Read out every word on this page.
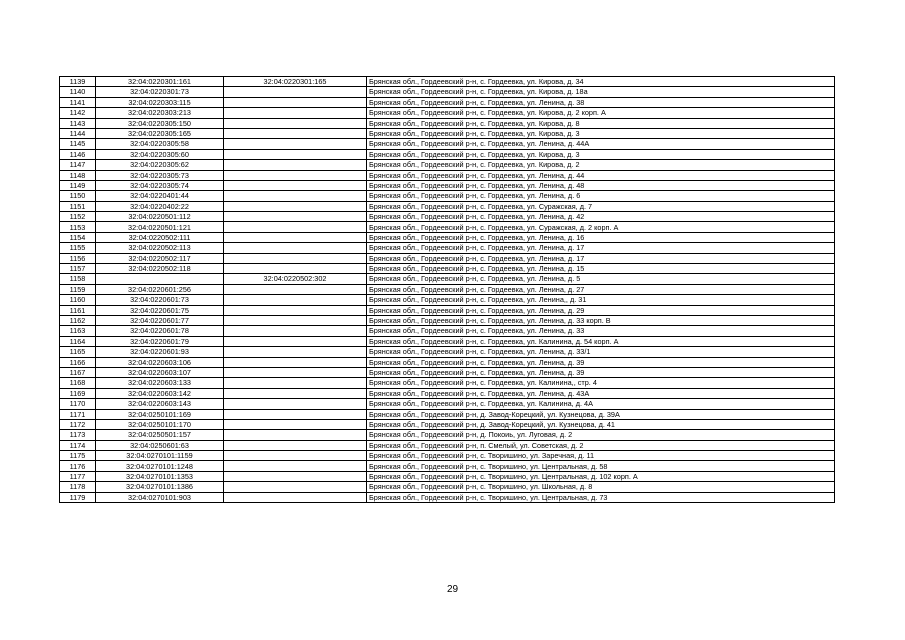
1139	32:04:0220301:161	32:04:0220301:165	Брянская обл., Гордеевский р-н, с. Гордеевка, ул. Кирова, д. 34
1140	32:04:0220301:73		Брянская обл., Гордеевский р-н, с. Гордеевка, ул. Кирова, д. 18а
1141	32:04:0220303:115		Брянская обл., Гордеевский р-н, с. Гордеевка, ул. Ленина, д. 38
1142	32:04:0220303:213		Брянская обл., Гордеевский р-н, с. Гордеевка, ул. Кирова, д. 2 корп. А
1143	32:04:0220305:150		Брянская обл., Гордеевский р-н, с. Гордеевка, ул. Кирова, д. 8
1144	32:04:0220305:165		Брянская обл., Гордеевский р-н, с. Гордеевка, ул. Кирова, д. 3
1145	32:04:0220305:58		Брянская обл., Гордеевский р-н, с. Гордеевка, ул. Ленина, д. 44А
1146	32:04:0220305:60		Брянская обл., Гордеевский р-н, с. Гордеевка, ул. Кирова, д. 3
1147	32:04:0220305:62		Брянская обл., Гордеевский р-н, с. Гордеевка, ул. Кирова, д. 2
1148	32:04:0220305:73		Брянская обл., Гордеевский р-н, с. Гордеевка, ул. Ленина, д. 44
1149	32:04:0220305:74		Брянская обл., Гордеевский р-н, с. Гордеевка, ул. Ленина, д. 48
1150	32:04:0220401:44		Брянская обл., Гордеевский р-н, с. Гордеевка, ул. Ленина, д. 6
1151	32:04:0220402:22		Брянская обл., Гордеевский р-н, с. Гордеевка, ул. Суражская, д. 7
1152	32:04:0220501:112		Брянская обл., Гордеевский р-н, с. Гордеевка, ул. Ленина, д. 42
1153	32:04:0220501:121		Брянская обл., Гордеевский р-н, с. Гордеевка, ул. Суражская, д. 2 корп. А
1154	32:04:0220502:111		Брянская обл., Гордеевский р-н, с. Гордеевка, ул. Ленина, д. 16
1155	32:04:0220502:113		Брянская обл., Гордеевский р-н, с. Гордеевка, ул. Ленина, д. 17
1156	32:04:0220502:117		Брянская обл., Гордеевский р-н, с. Гордеевка, ул. Ленина, д. 17
1157	32:04:0220502:118		Брянская обл., Гордеевский р-н, с. Гордеевка, ул. Ленина, д. 15
1158		32:04:0220502:302	Брянская обл., Гордеевский р-н, с. Гордеевка, ул. Ленина, д. 5
1159	32:04:0220601:256		Брянская обл., Гордеевский р-н, с. Гордеевка, ул. Ленина, д. 27
1160	32:04:0220601:73		Брянская обл., Гордеевский р-н, с. Гордеевка, ул. Ленина,, д. 31
1161	32:04:0220601:75		Брянская обл., Гордеевский р-н, с. Гордеевка, ул. Ленина, д. 29
1162	32:04:0220601:77		Брянская обл., Гордеевский р-н, с. Гордеевка, ул. Ленина, д. 33 корп. В
1163	32:04:0220601:78		Брянская обл., Гордеевский р-н, с. Гордеевка, ул. Ленина, д. 33
1164	32:04:0220601:79		Брянская обл., Гордеевский р-н, с. Гордеевка, ул. Калинина, д. 54 корп. А
1165	32:04:0220601:93		Брянская обл., Гордеевский р-н, с. Гордеевка, ул. Ленина, д. 33/1
1166	32:04:0220603:106		Брянская обл., Гордеевский р-н, с. Гордеевка, ул. Ленина, д. 39
1167	32:04:0220603:107		Брянская обл., Гордеевский р-н, с. Гордеевка, ул. Ленина, д. 39
1168	32:04:0220603:133		Брянская обл., Гордеевский р-н, с. Гордеевка, ул. Калинина,, стр. 4
1169	32:04:0220603:142		Брянская обл., Гордеевский р-н, с. Гордеевка, ул. Ленина, д. 43А
1170	32:04:0220603:143		Брянская обл., Гордеевский р-н, с. Гордеевка, ул. Калинина, д. 4А
1171	32:04:0250101:169		Брянская обл., Гордеевский р-н, д. Завод-Корецкий, ул. Кузнецова, д. 39А
1172	32:04:0250101:170		Брянская обл., Гордеевский р-н, д. Завод-Корецкий, ул. Кузнецова, д. 41
1173	32:04:0250501:157		Брянская обл., Гордеевский р-н, д. Покоиь, ул. Луговая, д. 2
1174	32:04:0250601:63		Брянская обл., Гордеевский р-н, п. Смелый, ул. Советская, д. 2
1175	32:04:0270101:1159		Брянская обл., Гордеевский р-н, с. Творишино, ул. Заречная, д. 11
1176	32:04:0270101:1248		Брянская обл., Гордеевский р-н, с. Творишино, ул. Центральная, д. 58
1177	32:04:0270101:1353		Брянская обл., Гордеевский р-н, с. Творишино, ул. Центральная, д. 102 корп. А
1178	32:04:0270101:1386		Брянская обл., Гордеевский р-н, с. Творишино, ул. Школьная, д. 8
1179	32:04:0270101:903		Брянская обл., Гордеевский р-н, с. Творишино, ул. Центральная, д. 73
29
